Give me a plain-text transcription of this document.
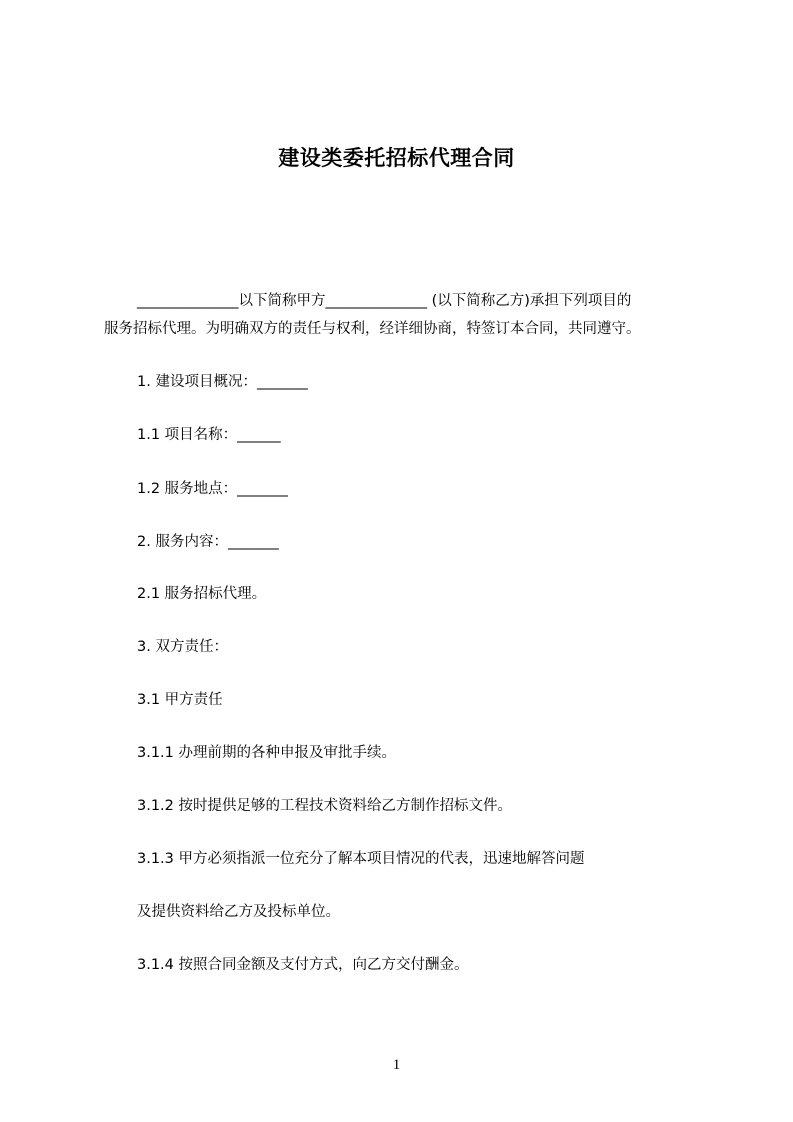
建设类委托招标代理合同
______________以下简称甲方______________ (以下简称乙方)承担下列项目的
服务招标代理。为明确双方的责任与权利，经详细协商，特签订本合同，共同遵守。
1. 建设项目概况：_______
1.1 项目名称：______
1.2 服务地点：_______
2. 服务内容：_______
2.1 服务招标代理。
3. 双方责任：
3.1 甲方责任
3.1.1 办理前期的各种申报及审批手续。
3.1.2 按时提供足够的工程技术资料给乙方制作招标文件。
3.1.3 甲方必须指派一位充分了解本项目情况的代表，迅速地解答问题
及提供资料给乙方及投标单位。
3.1.4 按照合同金额及支付方式，向乙方交付酬金。
1
